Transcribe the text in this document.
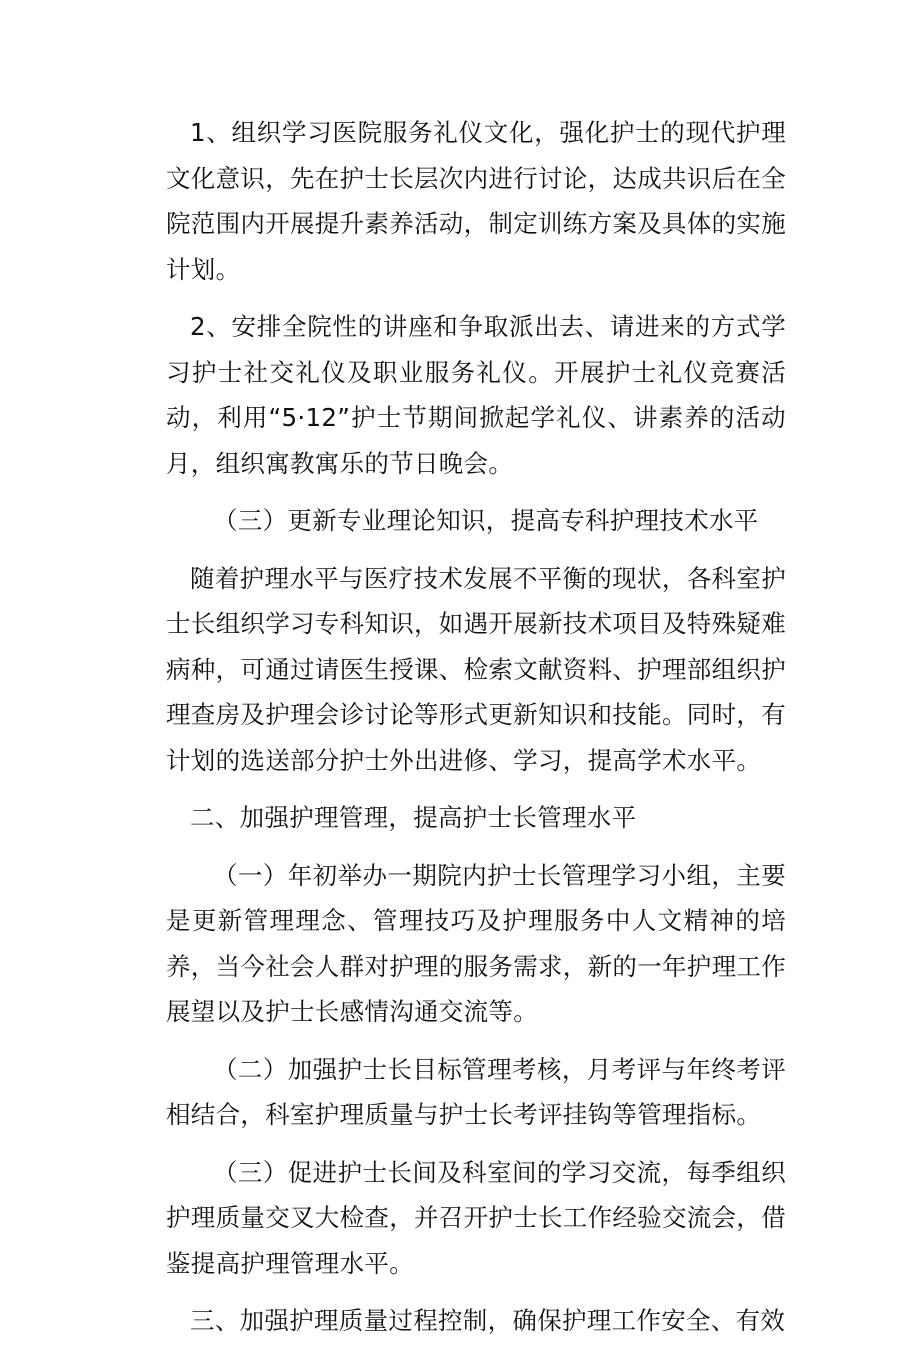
1、组织学习医院服务礼仪文化，强化护士的现代护理文化意识，先在护士长层次内进行讨论，达成共识后在全院范围内开展提升素养活动，制定训练方案及具体的实施计划。

2、安排全院性的讲座和争取派出去、请进来的方式学习护士社交礼仪及职业服务礼仪。开展护士礼仪竞赛活动，利用“5·12”护士节期间掀起学礼仪、讲素养的活动月，组织寓教寓乐的节日晚会。

（三）更新专业理论知识，提高专科护理技术水平

随着护理水平与医疗技术发展不平衡的现状，各科室护士长组织学习专科知识，如遇开展新技术项目及特殊疑难病种，可通过请医生授课、检索文献资料、护理部组织护理查房及护理会诊讨论等形式更新知识和技能。同时，有计划的选送部分护士外出进修、学习，提高学术水平。

二、加强护理管理，提高护士长管理水平

（一）年初举办一期院内护士长管理学习小组，主要是更新管理理念、管理技巧及护理服务中人文精神的培养，当今社会人群对护理的服务需求，新的一年护理工作展望以及护士长感情沟通交流等。

（二）加强护士长目标管理考核，月考评与年终考评相结合，科室护理质量与护士长考评挂钩等管理指标。

（三）促进护士长间及科室间的学习交流，每季组织护理质量交叉大检查，并召开护士长工作经验交流会，借鉴提高护理管理水平。

三、加强护理质量过程控制，确保护理工作安全、有效
